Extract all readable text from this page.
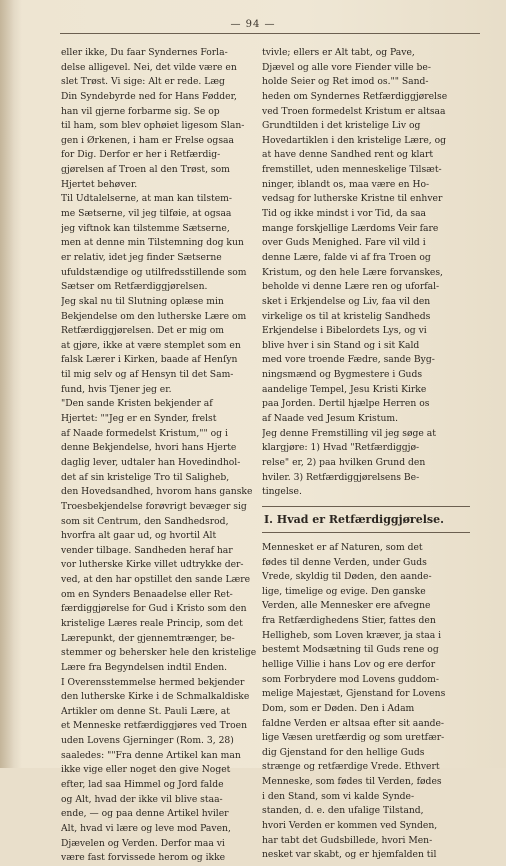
— 94 —
eller ikke, Du faar Syndernes Forla-
delse alligevel. Nei, det vilde være en
slet Trøst. Vi sige: Alt er rede. Læg
Din Syndebyrde ned for Hans Fødder,
han vil gjerne forbarme sig. Se op
til ham, som blev ophøiet ligesom Slan-
gen i Ørkenen, i ham er Frelse ogsaa
for Dig. Derfor er her i Retfærdig-
gjørelsen af Troen al den Trøst, som
Hjertet behøver.
Til Udtalelserne, at man kan tilstem-
me Sætserne, vil jeg tilføie, at ogsaa
jeg viftnok kan tilstemme Sætserne,
men at denne min Tilstemning dog kun
er relativ, idet jeg finder Sætserne
ufuldstændige og utilfredsstillende som
Sætser om Retfærdiggjørelsen.
Jeg skal nu til Slutning oplæse min
Bekjendelse om den lutherske Lære om
Retfærdiggjørelsen. Det er mig om
at gjøre, ikke at være stemplet som en
falsk Lærer i Kirken, baade af Henſyn
til mig selv og af Hensyn til det Sam-
fund, hvis Tjener jeg er.
"Den sande Kristen bekjender af
Hjertet: ""Jeg er en Synder, frelst
af Naade formedelst Kristum,"" og i
denne Bekjendelse, hvori hans Hjerte
daglig lever, udtaler han Hovedindhol-
det af sin kristelige Tro til Saligheb,
den Hovedsandhed, hvorom hans ganske
Troesbekjendelse forøvrigt bevæger sig
som sit Centrum, den Sandhedsrod,
hvorfra alt gaar ud, og hvortil Alt
vender tilbage. Sandheden heraf har
vor lutherske Kirke villet udtrykke der-
ved, at den har opstillet den sande Lære
om en Synders Benaadelse eller Ret-
færdiggjørelse for Gud i Kristo som den
kristelige Læres reale Princip, som det
Lærepunkt, der gjennemtrænger, be-
stemmer og behersker hele den kristelige
Lære fra Begyndelsen indtil Enden.
I Overensstemmelse hermed bekjender
den lutherske Kirke i de Schmalkaldiske
Artikler om denne St. Pauli Lære, at
et Menneske retfærdiggjøres ved Troen
uden Lovens Gjerninger (Rom. 3, 28)
saaledes: ""Fra denne Artikel kan man
ikke vige eller noget den give Noget
efter, lad saa Himmel og Jord falde
og Alt, hvad der ikke vil blive staa-
ende, — og paa denne Artikel hviler
Alt, hvad vi lære og leve mod Paven,
Djævelen og Verden. Derfor maa vi
være fast forvissede herom og ikke
tvivle; ellers er Alt tabt, og Pave,
Djævel og alle vore Fiender ville be-
holde Seier og Ret imod os."" Sand-
heden om Syndernes Retfærdiggjørelse
ved Troen formedelst Kristum er altsaa
Grundtilden i det kristelige Liv og
Hovedartiklen i den kristelige Lære, og
at have denne Sandhed rent og klart
fremstillet, uden menneskelige Tilsæt-
ninger, iblandt os, maa være en Ho-
vedsag for lutherske Kristne til enhver
Tid og ikke mindst i vor Tid, da saa
mange forskjellige Lærdoms Veir fare
over Guds Menighed. Fare vil vild i
denne Lære, falde vi af fra Troen og
Kristum, og den hele Lære forvanskes,
beholde vi denne Lære ren og uforfal-
sket i Erkjendelse og Liv, faa vil den
virkelige os til at kristelig Sandheds
Erkjendelse i Bibelordets Lys, og vi
blive hver i sin Stand og i sit Kald
med vore troende Fædre, sande Byg-
ningsmænd og Bygmestere i Guds
aandelige Tempel, Jesu Kristi Kirke
paa Jorden. Dertil hjælpe Herren os
af Naade ved Jesum Kristum.
Jeg denne Fremstilling vil jeg søge at
klargjøre: 1) Hvad "Retfærdiggjø-
relse" er, 2) paa hvilken Grund den
hviler. 3) Retfærdiggjørelsens Be-
tingelse.
I. Hvad er Retfærdiggjørelse.
Mennesket er af Naturen, som det
fødes til denne Verden, under Guds
Vrede, skyldig til Døden, den aande-
lige, timelige og evige. Den ganske
Verden, alle Mennesker ere afvegne
fra Retfærdighedens Stier, fattes den
Helligheb, som Loven kræver, ja staa i
bestemt Modsætning til Guds rene og
hellige Villie i hans Lov og ere derfor
som Forbrydere mod Lovens guddom-
melige Majestæt, Gjenstand for Lovens
Dom, som er Døden. Den i Adam
faldne Verden er altsaa efter sit aande-
lige Væsen uretfærdig og som uretfær-
dig Gjenstand for den hellige Guds
strænge og retfærdige Vrede. Ethvert
Menneske, som fødes til Verden, fødes
i den Stand, som vi kalde Synde-
standen, d. e. den ufalige Tilstand,
hvori Verden er kommen ved Synden,
har tabt det Gudsbillede, hvori Men-
nesket var skabt, og er hjemfalden til
